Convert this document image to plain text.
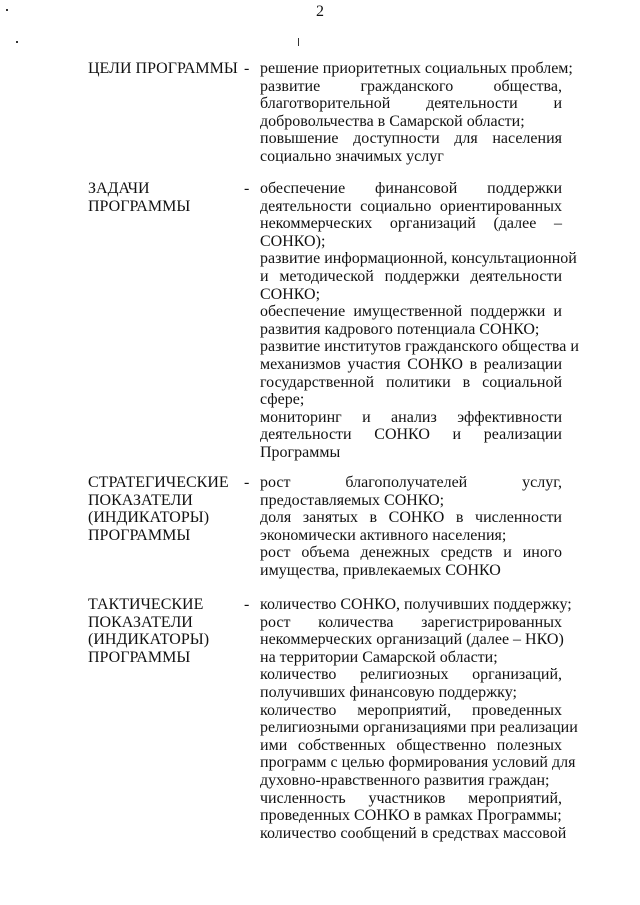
2
ЦЕЛИ ПРОГРАММЫ - решение приоритетных социальных проблем;
развитие гражданского общества,
благотворительной деятельности и
добровольчества в Самарской области;
повышение доступности для населения
социально значимых услуг
ЗАДАЧИ
ПРОГРАММЫ
- обеспечение финансовой поддержки
деятельности социально ориентированных
некоммерческих организаций (далее –
СОНКО);
развитие информационной, консультационной
и методической поддержки деятельности
СОНКО;
обеспечение имущественной поддержки и
развития кадрового потенциала СОНКО;
развитие институтов гражданского общества и
механизмов участия СОНКО в реализации
государственной политики в социальной
сфере;
мониторинг и анализ эффективности
деятельности СОНКО и реализации
Программы
СТРАТЕГИЧЕСКИЕ
ПОКАЗАТЕЛИ
(ИНДИКАТОРЫ)
ПРОГРАММЫ
- рост благополучателей услуг,
предоставляемых СОНКО;
доля занятых в СОНКО в численности
экономически активного населения;
рост объема денежных средств и иного
имущества, привлекаемых СОНКО
ТАКТИЧЕСКИЕ
ПОКАЗАТЕЛИ
(ИНДИКАТОРЫ)
ПРОГРАММЫ
- количество СОНКО, получивших поддержку;
рост количества зарегистрированных
некоммерческих организаций (далее – НКО)
на территории Самарской области;
количество религиозных организаций,
получивших финансовую поддержку;
количество мероприятий, проведенных
религиозными организациями при реализации
ими собственных общественно полезных
программ с целью формирования условий для
духовно-нравственного развития граждан;
численность участников мероприятий,
проведенных СОНКО в рамках Программы;
количество сообщений в средствах массовой
